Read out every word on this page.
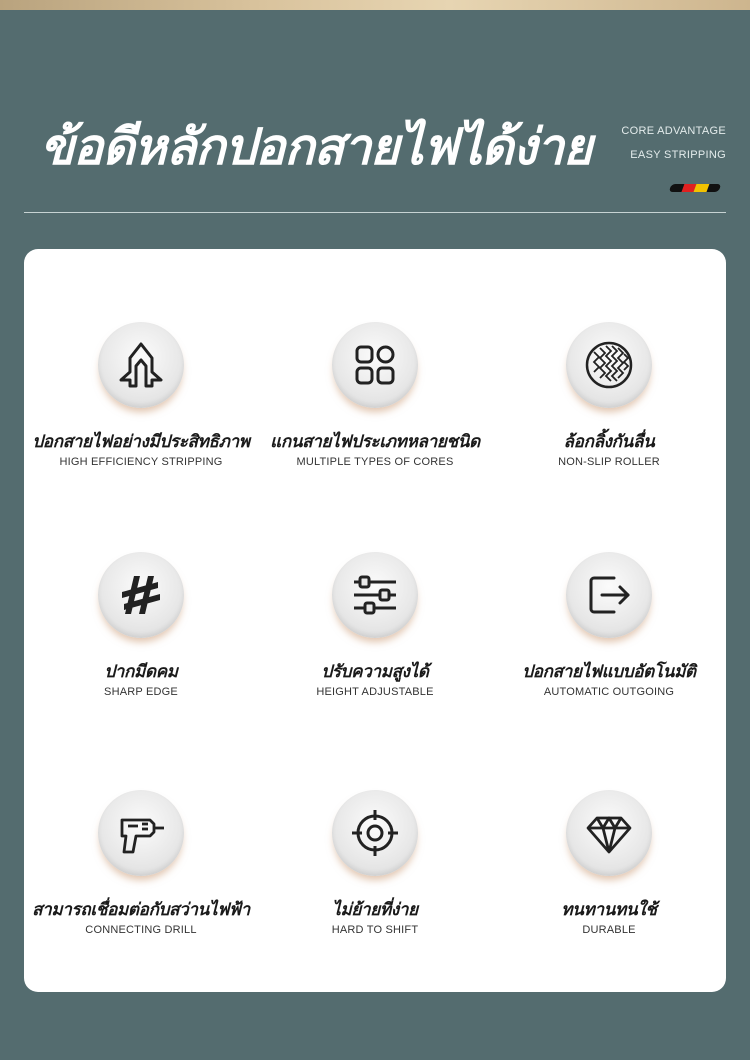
ข้อดีหลักปอกสายไฟได้ง่าย	CORE ADVANTAGE
EASY STRIPPING
ปอกสายไฟอย่างมีประสิทธิภาพ
HIGH EFFICIENCY STRIPPING
แกนสายไฟประเภทหลายชนิด
MULTIPLE TYPES OF CORES
ล้อกลิ้งกันลื่น
NON-SLIP ROLLER
ปากมีดคม
SHARP EDGE
ปรับความสูงได้
HEIGHT ADJUSTABLE
ปอกสายไฟแบบอัตโนมัติ
AUTOMATIC OUTGOING
สามารถเชื่อมต่อกับสว่านไฟฟ้า
CONNECTING DRILL
ไม่ย้ายที่ง่าย
HARD TO SHIFT
ทนทานทนใช้
DURABLE
